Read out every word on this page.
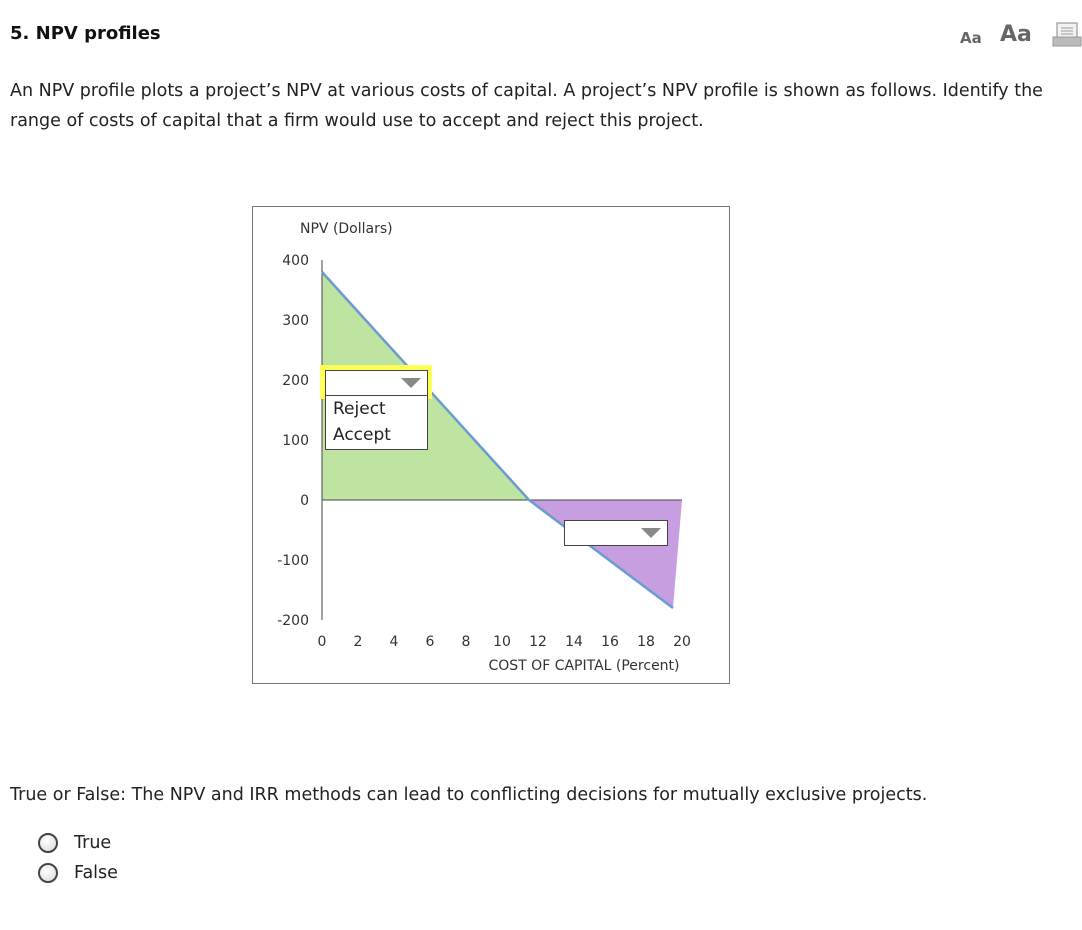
5. NPV profiles	Aa Aa
An NPV profile plots a project’s NPV at various costs of capital. A project’s NPV profile is shown as follows. Identify the range of costs of capital that a firm would use to accept and reject this project.
400
300
200
100
0
-100
-200
0 2 4 6 8 10 12 14 16 18 20
NPV (Dollars)
COST OF CAPITAL (Percent)
Reject
Accept
True or False: The NPV and IRR methods can lead to conflicting decisions for mutually exclusive projects.
True
False
